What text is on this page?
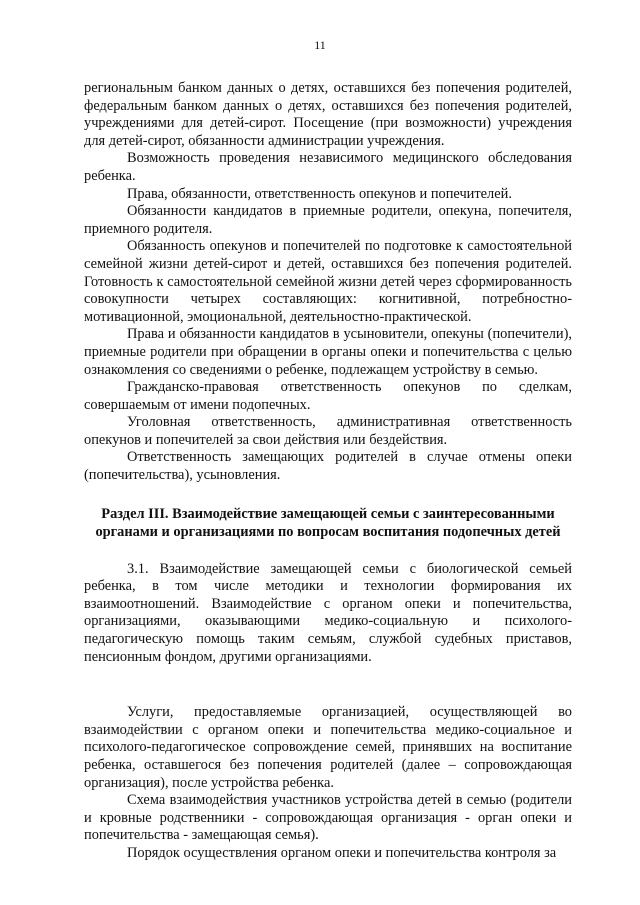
11

региональным банком данных о детях, оставшихся без попечения родителей, федеральным банком данных о детях, оставшихся без попечения родителей, учреждениями для детей-сирот. Посещение (при возможности) учреждения для детей-сирот, обязанности администрации учреждения.

Возможность проведения независимого медицинского обследования ребенка.

Права, обязанности, ответственность опекунов и попечителей.

Обязанности кандидатов в приемные родители, опекуна, попечителя, приемного родителя.

Обязанность опекунов и попечителей по подготовке к самостоятельной семейной жизни детей-сирот и детей, оставшихся без попечения родителей. Готовность к самостоятельной семейной жизни детей через сформированность совокупности четырех составляющих: когнитивной, потребностно-мотивационной, эмоциональной, деятельностно-практической.

Права и обязанности кандидатов в усыновители, опекуны (попечители), приемные родители при обращении в органы опеки и попечительства с целью ознакомления со сведениями о ребенке, подлежащем устройству в семью.

Гражданско-правовая ответственность опекунов по сделкам, совершаемым от имени подопечных.

Уголовная ответственность, административная ответственность опекунов и попечителей за свои действия или бездействия.

Ответственность замещающих родителей в случае отмены опеки (попечительства), усыновления.

Раздел III. Взаимодействие замещающей семьи с заинтересованными
органами и организациями по вопросам воспитания подопечных детей

3.1. Взаимодействие замещающей семьи с биологической семьей ребенка, в том числе методики и технологии формирования их взаимоотношений. Взаимодействие с органом опеки и попечительства, организациями, оказывающими медико-социальную и психолого-педагогическую помощь таким семьям, службой судебных приставов, пенсионным фондом, другими организациями.

Услуги, предоставляемые организацией, осуществляющей во взаимодействии с органом опеки и попечительства медико-социальное и психолого-педагогическое сопровождение семей, принявших на воспитание ребенка, оставшегося без попечения родителей (далее – сопровождающая организация), после устройства ребенка.

Схема взаимодействия участников устройства детей в семью (родители и кровные родственники - сопровождающая организация - орган опеки и попечительства - замещающая семья).

Порядок осуществления органом опеки и попечительства контроля за
